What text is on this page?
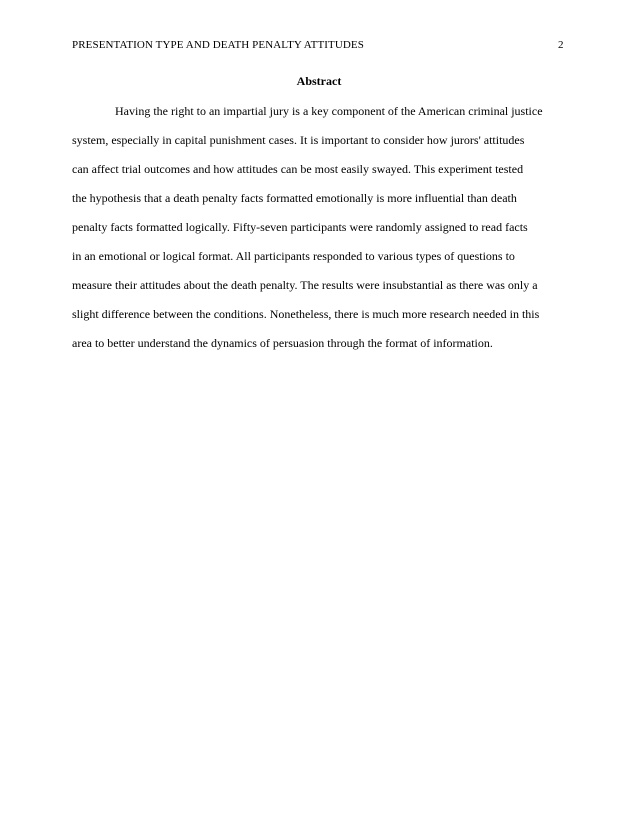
PRESENTATION TYPE AND DEATH PENALTY ATTITUDES	2
Abstract
Having the right to an impartial jury is a key component of the American criminal justice
system, especially in capital punishment cases. It is important to consider how jurors' attitudes
can affect trial outcomes and how attitudes can be most easily swayed. This experiment tested
the hypothesis that a death penalty facts formatted emotionally is more influential than death
penalty facts formatted logically. Fifty-seven participants were randomly assigned to read facts
in an emotional or logical format. All participants responded to various types of questions to
measure their attitudes about the death penalty. The results were insubstantial as there was only a
slight difference between the conditions. Nonetheless, there is much more research needed in this
area to better understand the dynamics of persuasion through the format of information.
